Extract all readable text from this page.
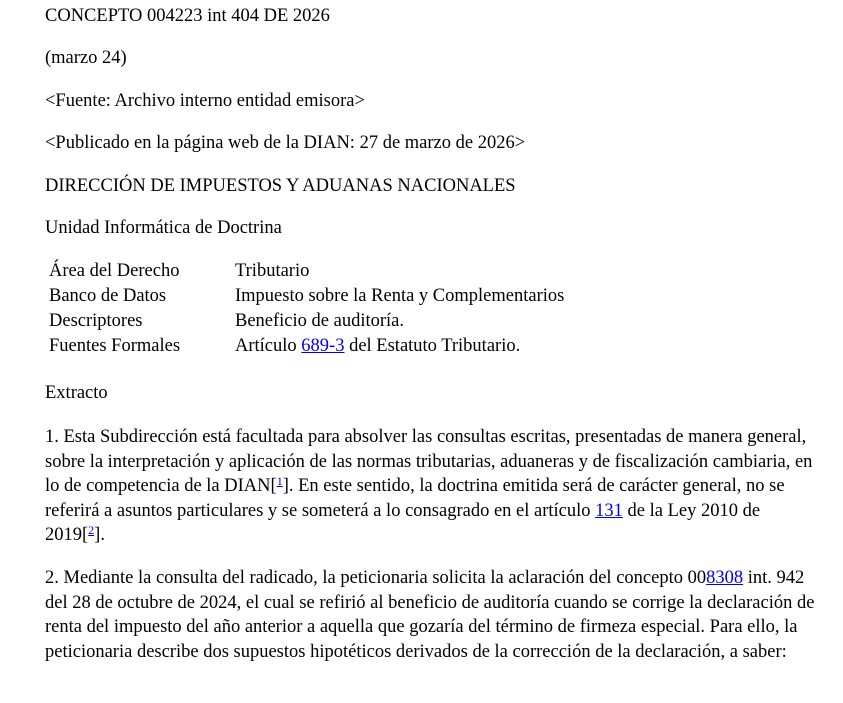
CONCEPTO 004223 int 404 DE 2026
(marzo 24)
<Fuente: Archivo interno entidad emisora>
<Publicado en la página web de la DIAN: 27 de marzo de 2026>
DIRECCIÓN DE IMPUESTOS Y ADUANAS NACIONALES
Unidad Informática de Doctrina
Área del Derecho	Tributario
Banco de Datos	Impuesto sobre la Renta y Complementarios
Descriptores	Beneficio de auditoría.
Fuentes Formales	Artículo 689-3 del Estatuto Tributario.
Extracto
1. Esta Subdirección está facultada para absolver las consultas escritas, presentadas de manera general, sobre la interpretación y aplicación de las normas tributarias, aduaneras y de fiscalización cambiaria, en lo de competencia de la DIAN[$^1$]. En este sentido, la doctrina emitida será de carácter general, no se referirá a asuntos particulares y se someterá a lo consagrado en el artículo 131 de la Ley 2010 de 2019[$^2$].
2. Mediante la consulta del radicado, la peticionaria solicita la aclaración del concepto 008308 int. 942 del 28 de octubre de 2024, el cual se refirió al beneficio de auditoría cuando se corrige la declaración de renta del impuesto del año anterior a aquella que gozaría del término de firmeza especial. Para ello, la peticionaria describe dos supuestos hipotéticos derivados de la corrección de la declaración, a saber:
